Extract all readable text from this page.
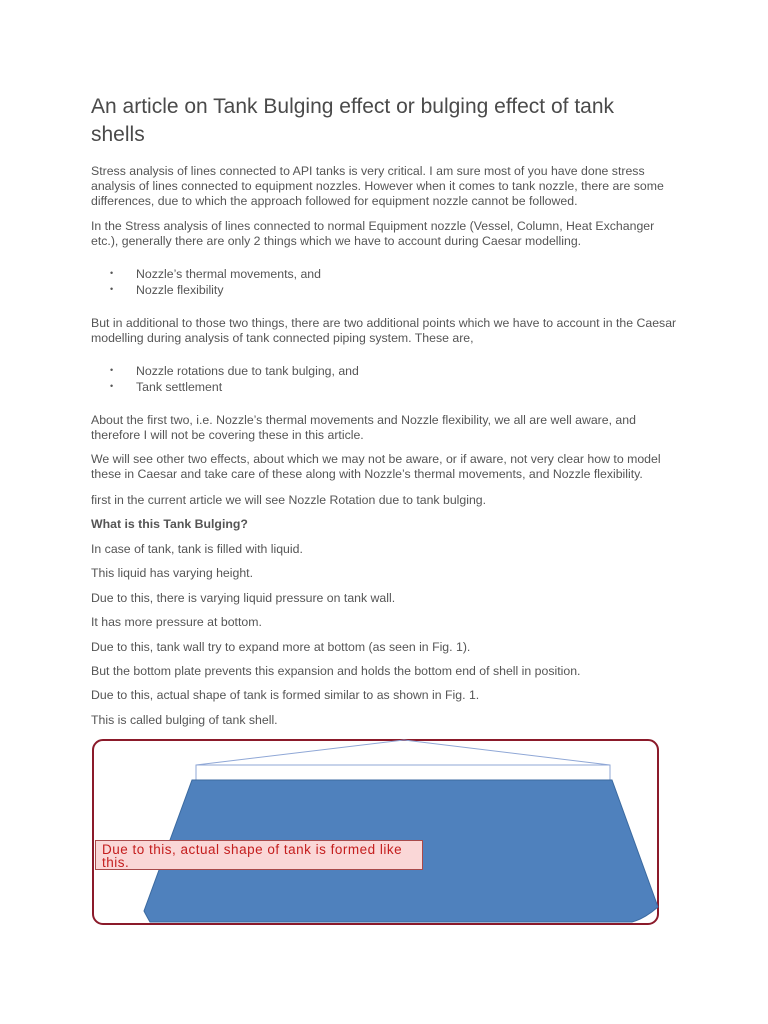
An article on Tank Bulging effect or bulging effect of tank shells

Stress analysis of lines connected to API tanks is very critical. I am sure most of you have done stress analysis of lines connected to equipment nozzles. However when it comes to tank nozzle, there are some differences, due to which the approach followed for equipment nozzle cannot be followed.

In the Stress analysis of lines connected to normal Equipment nozzle (Vessel, Column, Heat Exchanger etc.), generally there are only 2 things which we have to account during Caesar modelling.

• Nozzle’s thermal movements, and
• Nozzle flexibility

But in additional to those two things, there are two additional points which we have to account in the Caesar modelling during analysis of tank connected piping system. These are,

• Nozzle rotations due to tank bulging, and
• Tank settlement

About the first two, i.e. Nozzle’s thermal movements and Nozzle flexibility, we all are well aware, and therefore I will not be covering these in this article.

We will see other two effects, about which we may not be aware, or if aware, not very clear how to model these in Caesar and take care of these along with Nozzle’s thermal movements, and Nozzle flexibility.

first in the current article we will see Nozzle Rotation due to tank bulging.

What is this Tank Bulging?

In case of tank, tank is filled with liquid.

This liquid has varying height.

Due to this, there is varying liquid pressure on tank wall.

It has more pressure at bottom.

Due to this, tank wall try to expand more at bottom (as seen in Fig. 1).

But the bottom plate prevents this expansion and holds the bottom end of shell in position.

Due to this, actual shape of tank is formed similar to as shown in Fig. 1.

This is called bulging of tank shell.

Due to this, actual shape of tank is formed like this.
